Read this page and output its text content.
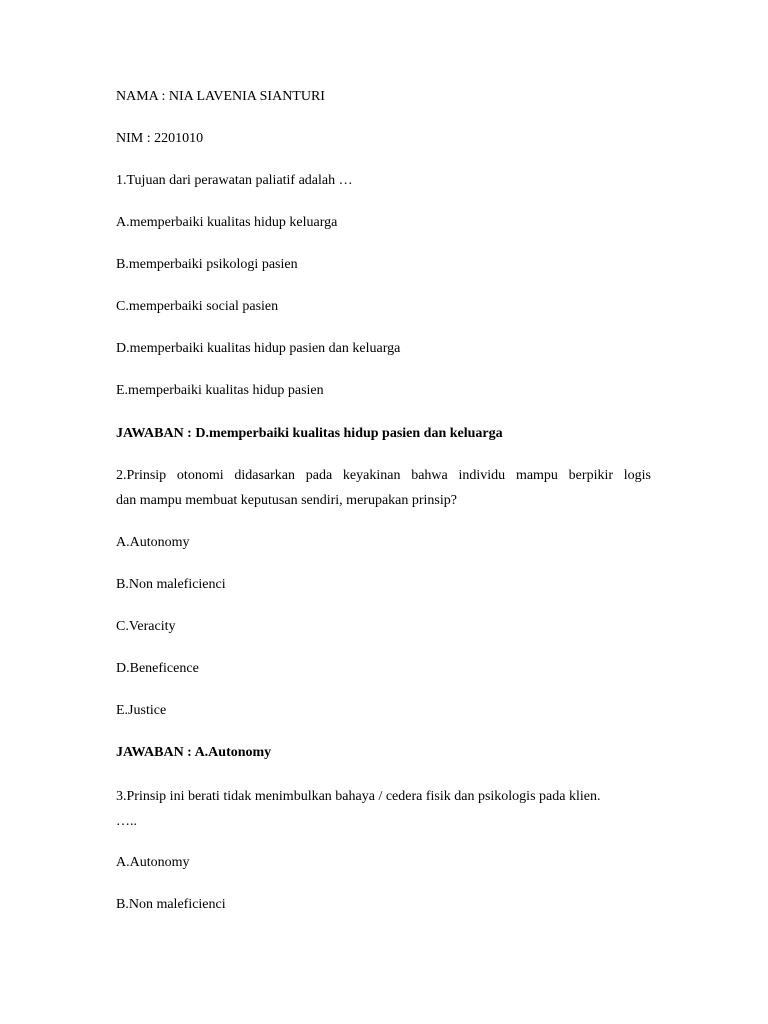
NAMA : NIA LAVENIA SIANTURI
NIM : 2201010
1.Tujuan dari perawatan paliatif adalah …
A.memperbaiki kualitas hidup keluarga
B.memperbaiki psikologi pasien
C.memperbaiki social pasien
D.memperbaiki kualitas hidup pasien dan keluarga
E.memperbaiki kualitas hidup pasien
JAWABAN : D.memperbaiki kualitas hidup pasien dan keluarga
2.Prinsip otonomi didasarkan pada keyakinan bahwa individu mampu berpikir logis
dan mampu membuat keputusan sendiri, merupakan prinsip?
A.Autonomy
B.Non maleficienci
C.Veracity
D.Beneficence
E.Justice
JAWABAN : A.Autonomy
3.Prinsip ini berati tidak menimbulkan bahaya / cedera fisik dan psikologis pada klien.
…..
A.Autonomy
B.Non maleficienci
